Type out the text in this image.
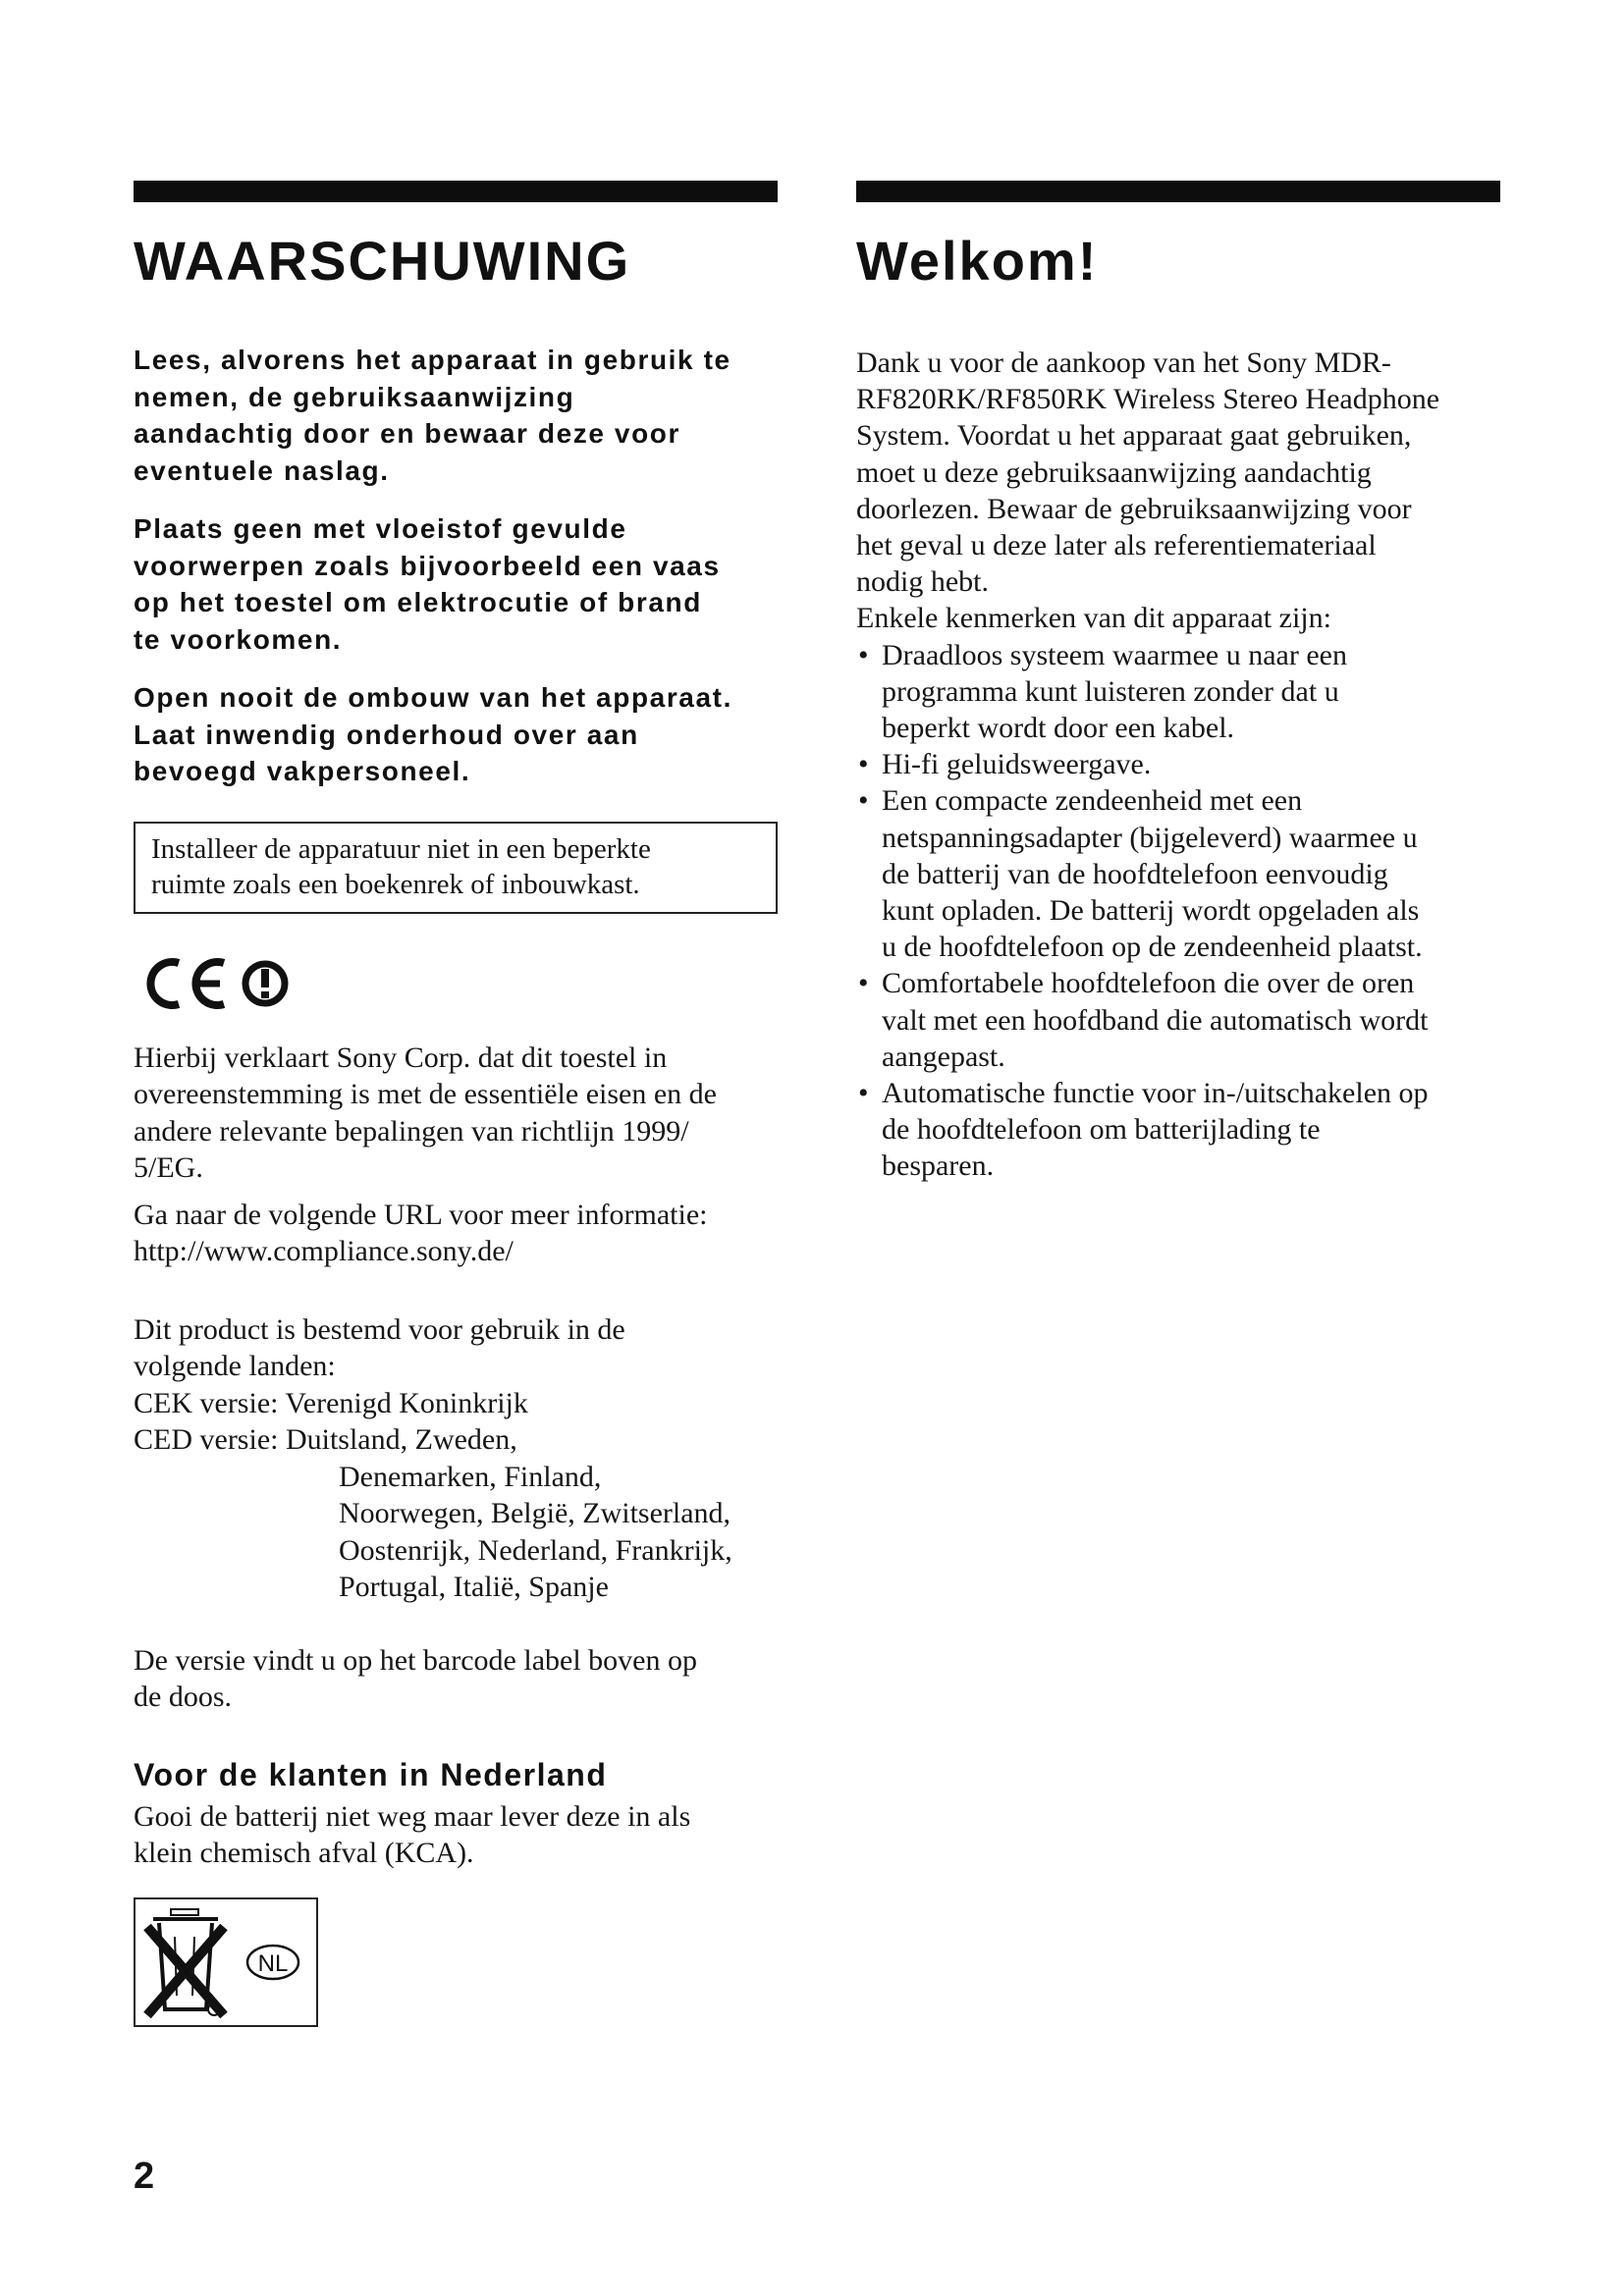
WAARSCHUWING

Lees, alvorens het apparaat in gebruik te
nemen, de gebruiksaanwijzing
aandachtig door en bewaar deze voor
eventuele naslag.

Plaats geen met vloeistof gevulde
voorwerpen zoals bijvoorbeeld een vaas
op het toestel om elektrocutie of brand
te voorkomen.

Open nooit de ombouw van het apparaat.
Laat inwendig onderhoud over aan
bevoegd vakpersoneel.

Installeer de apparatuur niet in een beperkte
ruimte zoals een boekenrek of inbouwkast.

Hierbij verklaart Sony Corp. dat dit toestel in
overeenstemming is met de essentiële eisen en de
andere relevante bepalingen van richtlijn 1999/
5/EG.

Ga naar de volgende URL voor meer informatie:
http://www.compliance.sony.de/

Dit product is bestemd voor gebruik in de
volgende landen:
CEK versie: Verenigd Koninkrijk
CED versie: Duitsland, Zweden,
Denemarken, Finland,
Noorwegen, België, Zwitserland,
Oostenrijk, Nederland, Frankrijk,
Portugal, Italië, Spanje

De versie vindt u op het barcode label boven op
de doos.

Voor de klanten in Nederland

Gooi de batterij niet weg maar lever deze in als
klein chemisch afval (KCA).

NL
Welkom!

Dank u voor de aankoop van het Sony MDR-
RF820RK/RF850RK Wireless Stereo Headphone
System. Voordat u het apparaat gaat gebruiken,
moet u deze gebruiksaanwijzing aandachtig
doorlezen. Bewaar de gebruiksaanwijzing voor
het geval u deze later als referentiemateriaal
nodig hebt.
Enkele kenmerken van dit apparaat zijn:

• Draadloos systeem waarmee u naar een
programma kunt luisteren zonder dat u
beperkt wordt door een kabel.
• Hi-fi geluidsweergave.
• Een compacte zendeenheid met een
netspanningsadapter (bijgeleverd) waarmee u
de batterij van de hoofdtelefoon eenvoudig
kunt opladen. De batterij wordt opgeladen als
u de hoofdtelefoon op de zendeenheid plaatst.
• Comfortabele hoofdtelefoon die over de oren
valt met een hoofdband die automatisch wordt
aangepast.
• Automatische functie voor in-/uitschakelen op
de hoofdtelefoon om batterijlading te
besparen.
2
